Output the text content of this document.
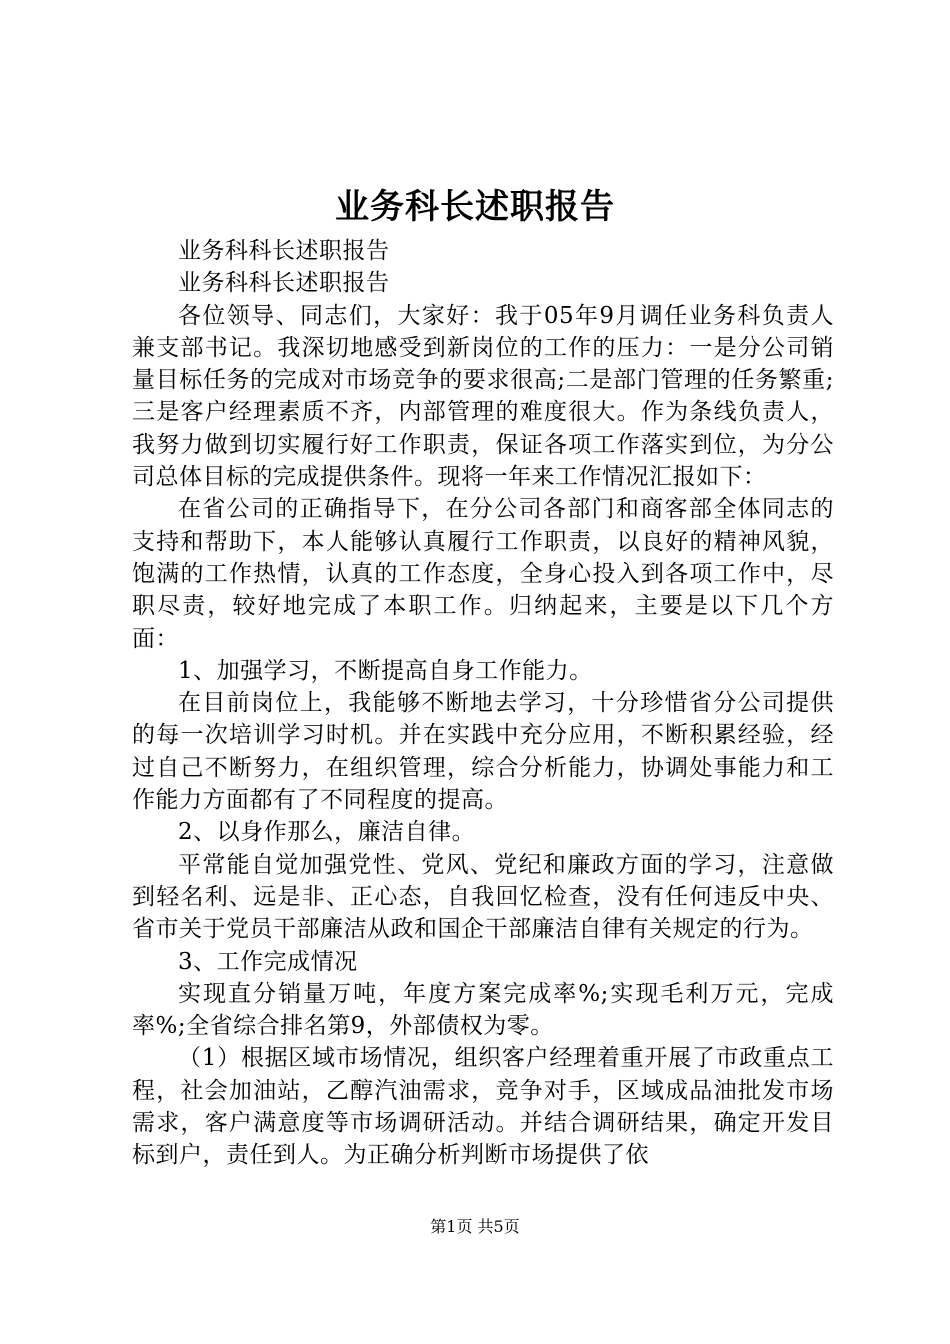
业务科长述职报告

业务科科长述职报告

业务科科长述职报告

各位领导、同志们，大家好：我于05年9月调任业务科负责人兼支部书记。我深切地感受到新岗位的工作的压力：一是分公司销量目标任务的完成对市场竞争的要求很高;二是部门管理的任务繁重;三是客户经理素质不齐，内部管理的难度很大。作为条线负责人，我努力做到切实履行好工作职责，保证各项工作落实到位，为分公司总体目标的完成提供条件。现将一年来工作情况汇报如下：

在省公司的正确指导下，在分公司各部门和商客部全体同志的支持和帮助下，本人能够认真履行工作职责，以良好的精神风貌，饱满的工作热情，认真的工作态度，全身心投入到各项工作中，尽职尽责，较好地完成了本职工作。归纳起来，主要是以下几个方面：

1、加强学习，不断提高自身工作能力。

在目前岗位上，我能够不断地去学习，十分珍惜省分公司提供的每一次培训学习时机。并在实践中充分应用，不断积累经验，经过自己不断努力，在组织管理，综合分析能力，协调处事能力和工作能力方面都有了不同程度的提高。

2、以身作那么，廉洁自律。

平常能自觉加强党性、党风、党纪和廉政方面的学习，注意做到轻名利、远是非、正心态，自我回忆检查，没有任何违反中央、省市关于党员干部廉洁从政和国企干部廉洁自律有关规定的行为。

3、工作完成情况

实现直分销量万吨，年度方案完成率%;实现毛利万元，完成率%;全省综合排名第9，外部债权为零。

（1）根据区域市场情况，组织客户经理着重开展了市政重点工程，社会加油站，乙醇汽油需求，竞争对手，区域成品油批发市场需求，客户满意度等市场调研活动。并结合调研结果，确定开发目标到户，责任到人。为正确分析判断市场提供了依

第1页 共5页
